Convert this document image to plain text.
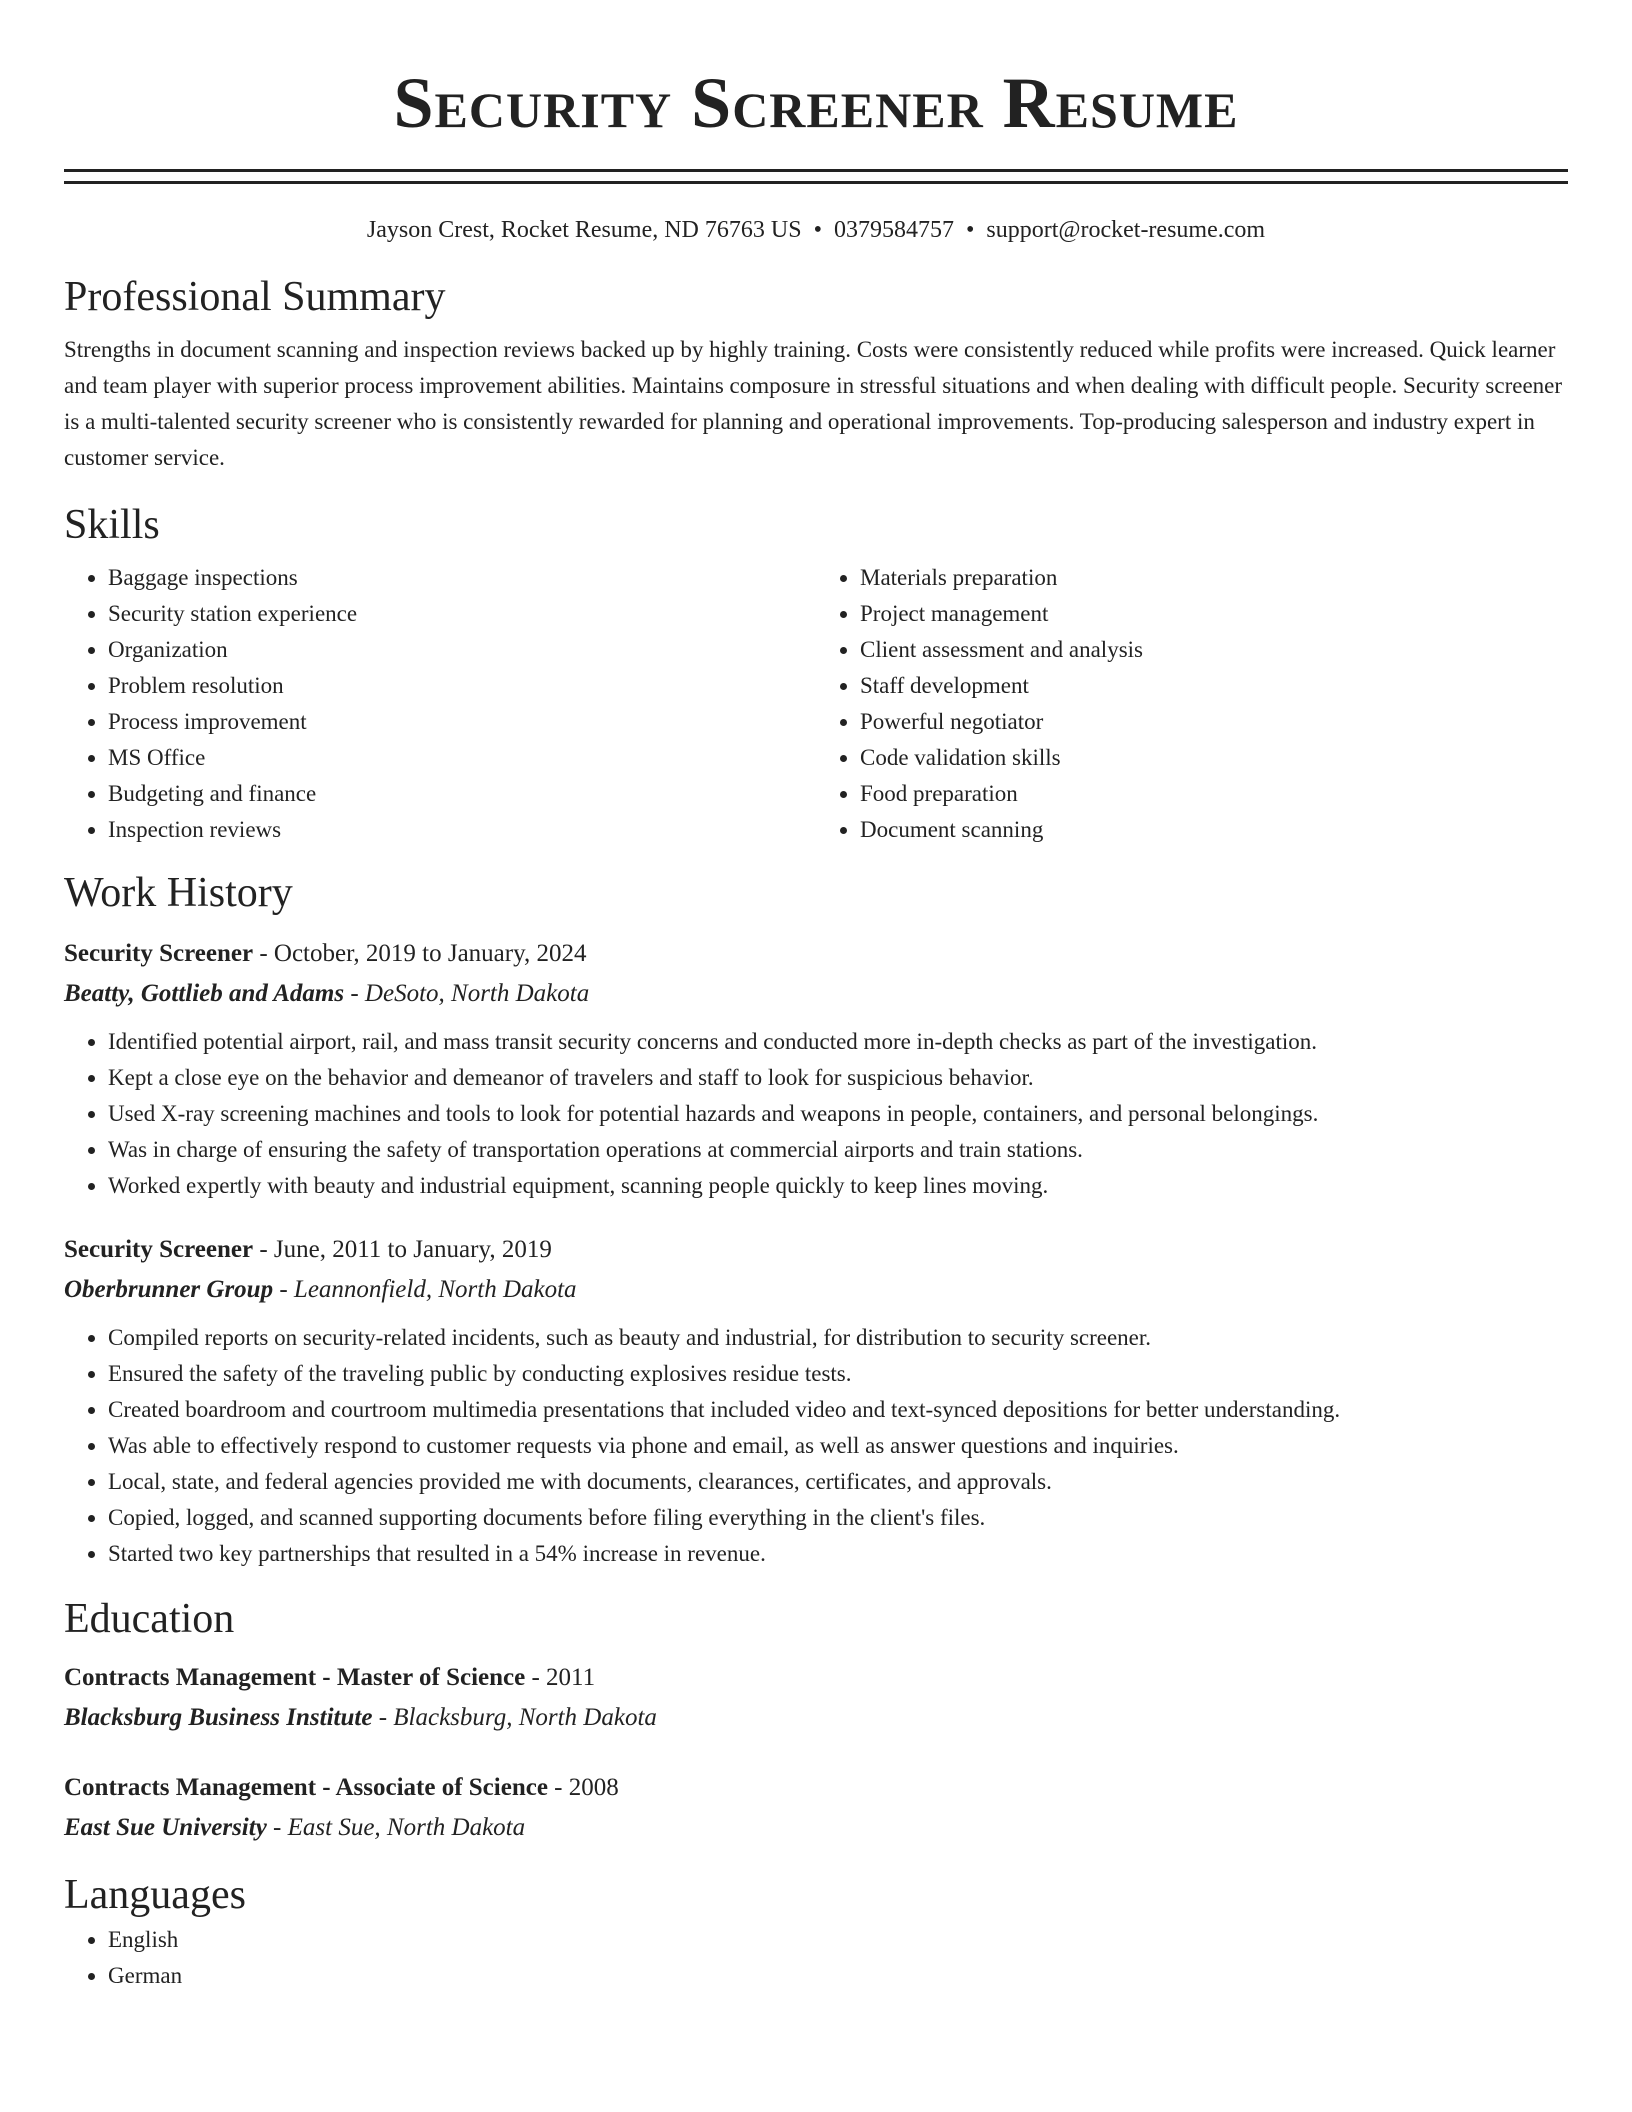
Security Screener Resume
Jayson Crest, Rocket Resume, ND 76763 US • 0379584757 • support@rocket-resume.com
Professional Summary

Strengths in document scanning and inspection reviews backed up by highly training. Costs were consistently reduced while profits were increased. Quick learner and team player with superior process improvement abilities. Maintains composure in stressful situations and when dealing with difficult people. Security screener is a multi-talented security screener who is consistently rewarded for planning and operational improvements. Top-producing salesperson and industry expert in customer service.

Skills
• Baggage inspections
• Security station experience
• Organization
• Problem resolution
• Process improvement
• MS Office
• Budgeting and finance
• Inspection reviews
• Materials preparation
• Project management
• Client assessment and analysis
• Staff development
• Powerful negotiator
• Code validation skills
• Food preparation
• Document scanning
Work History
Security Screener - October, 2019 to January, 2024
Beatty, Gottlieb and Adams - DeSoto, North Dakota
• Identified potential airport, rail, and mass transit security concerns and conducted more in-depth checks as part of the investigation.
• Kept a close eye on the behavior and demeanor of travelers and staff to look for suspicious behavior.
• Used X-ray screening machines and tools to look for potential hazards and weapons in people, containers, and personal belongings.
• Was in charge of ensuring the safety of transportation operations at commercial airports and train stations.
• Worked expertly with beauty and industrial equipment, scanning people quickly to keep lines moving.
Security Screener - June, 2011 to January, 2019
Oberbrunner Group - Leannonfield, North Dakota
• Compiled reports on security-related incidents, such as beauty and industrial, for distribution to security screener.
• Ensured the safety of the traveling public by conducting explosives residue tests.
• Created boardroom and courtroom multimedia presentations that included video and text-synced depositions for better understanding.
• Was able to effectively respond to customer requests via phone and email, as well as answer questions and inquiries.
• Local, state, and federal agencies provided me with documents, clearances, certificates, and approvals.
• Copied, logged, and scanned supporting documents before filing everything in the client's files.
• Started two key partnerships that resulted in a 54% increase in revenue.
Education
Contracts Management - Master of Science - 2011
Blacksburg Business Institute - Blacksburg, North Dakota
Contracts Management - Associate of Science - 2008
East Sue University - East Sue, North Dakota
Languages
• English
• German
